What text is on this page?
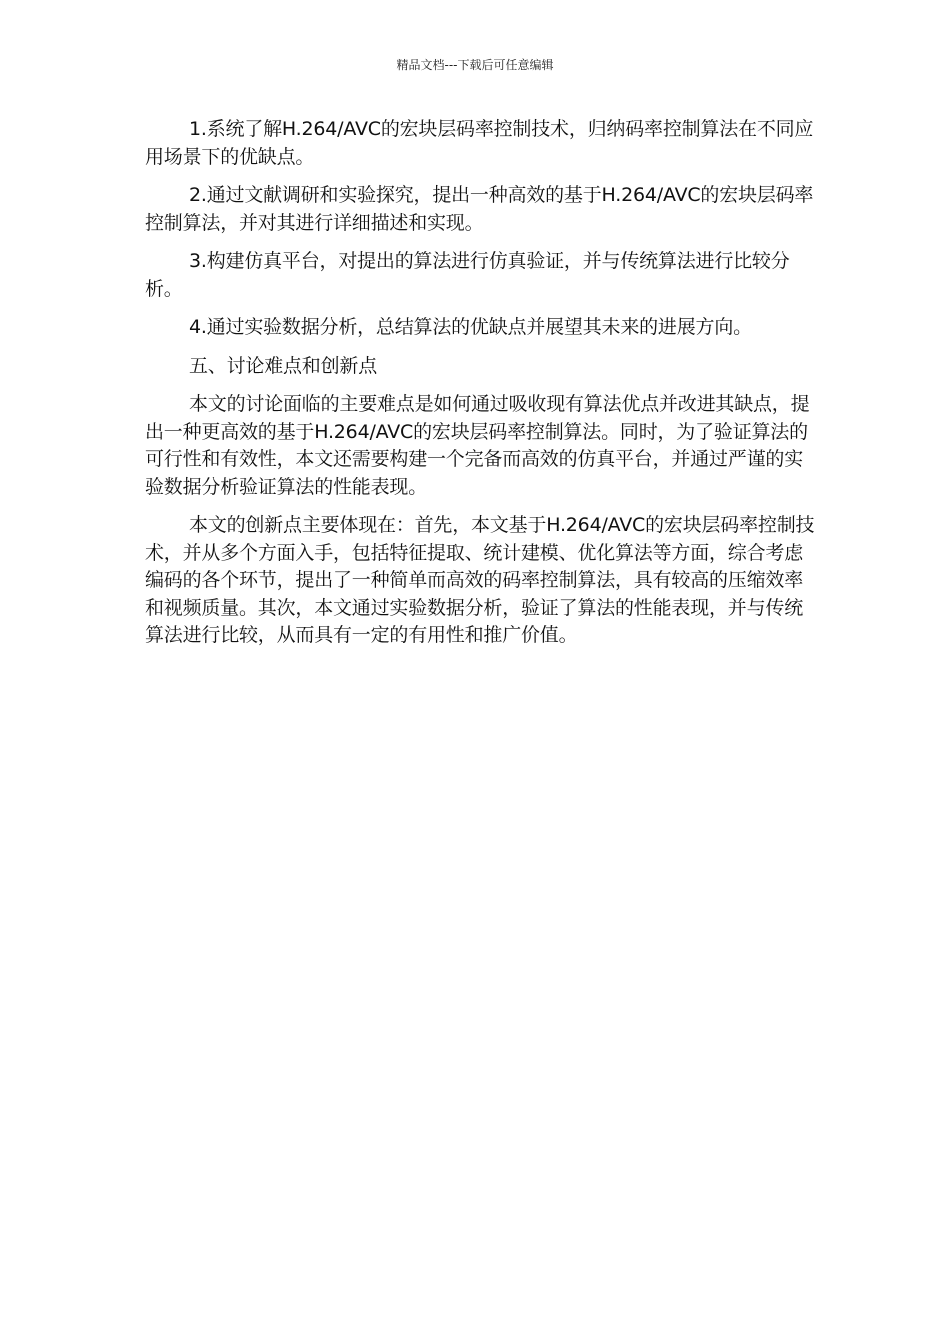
精品文档---下载后可任意编辑

1.系统了解H.264/AVC的宏块层码率控制技术，归纳码率控制算法在不同应用场景下的优缺点。

2.通过文献调研和实验探究，提出一种高效的基于H.264/AVC的宏块层码率控制算法，并对其进行详细描述和实现。

3.构建仿真平台，对提出的算法进行仿真验证，并与传统算法进行比较分析。

4.通过实验数据分析，总结算法的优缺点并展望其未来的进展方向。

五、讨论难点和创新点

本文的讨论面临的主要难点是如何通过吸收现有算法优点并改进其缺点，提出一种更高效的基于H.264/AVC的宏块层码率控制算法。同时，为了验证算法的可行性和有效性，本文还需要构建一个完备而高效的仿真平台，并通过严谨的实验数据分析验证算法的性能表现。

本文的创新点主要体现在：首先，本文基于H.264/AVC的宏块层码率控制技术，并从多个方面入手，包括特征提取、统计建模、优化算法等方面，综合考虑编码的各个环节，提出了一种简单而高效的码率控制算法，具有较高的压缩效率和视频质量。其次，本文通过实验数据分析，验证了算法的性能表现，并与传统算法进行比较，从而具有一定的有用性和推广价值。
